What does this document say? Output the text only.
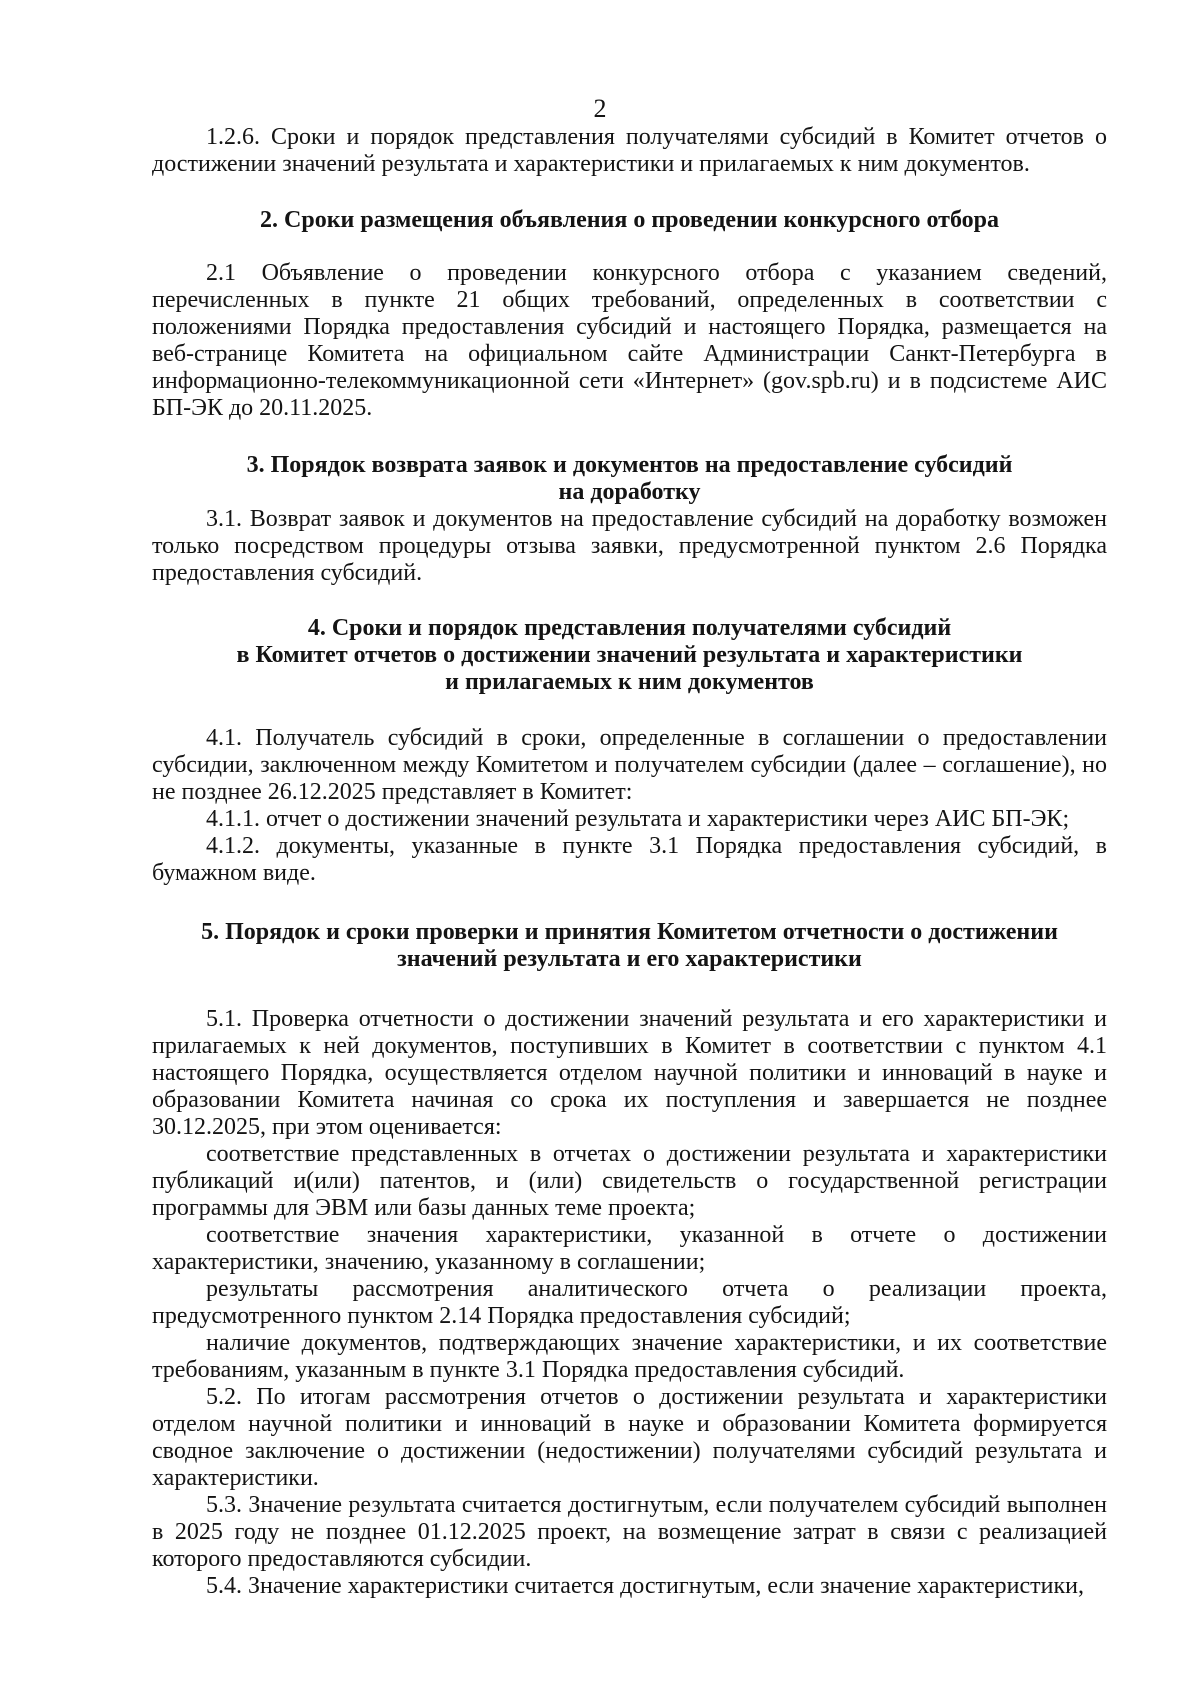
2

1.2.6. Сроки и порядок представления получателями субсидий в Комитет отчетов о достижении значений результата и характеристики и прилагаемых к ним документов.

2. Сроки размещения объявления о проведении конкурсного отбора

2.1 Объявление о проведении конкурсного отбора с указанием сведений, перечисленных в пункте 21 общих требований, определенных в соответствии с положениями Порядка предоставления субсидий и настоящего Порядка, размещается на веб-странице Комитета на официальном сайте Администрации Санкт-Петербурга в информационно-телекоммуникационной сети «Интернет» (gov.spb.ru) и в подсистеме АИС БП-ЭК до 20.11.2025.

3. Порядок возврата заявок и документов на предоставление субсидий
на доработку

3.1. Возврат заявок и документов на предоставление субсидий на доработку возможен только посредством процедуры отзыва заявки, предусмотренной пунктом 2.6 Порядка предоставления субсидий.

4. Сроки и порядок представления получателями субсидий
в Комитет отчетов о достижении значений результата и характеристики
и прилагаемых к ним документов

4.1. Получатель субсидий в сроки, определенные в соглашении о предоставлении субсидии, заключенном между Комитетом и получателем субсидии (далее – соглашение), но не позднее 26.12.2025 представляет в Комитет:

4.1.1. отчет о достижении значений результата и характеристики через АИС БП-ЭК;

4.1.2. документы, указанные в пункте 3.1 Порядка предоставления субсидий, в бумажном виде.

5. Порядок и сроки проверки и принятия Комитетом отчетности о достижении
значений результата и его характеристики

5.1. Проверка отчетности о достижении значений результата и его характеристики и прилагаемых к ней документов, поступивших в Комитет в соответствии с пунктом 4.1 настоящего Порядка, осуществляется отделом научной политики и инноваций в науке и образовании Комитета начиная со срока их поступления и завершается не позднее 30.12.2025, при этом оценивается:

соответствие представленных в отчетах о достижении результата и характеристики публикаций и(или) патентов, и (или) свидетельств о государственной регистрации программы для ЭВМ или базы данных теме проекта;

соответствие значения характеристики, указанной в отчете о достижении характеристики, значению, указанному в соглашении;

результаты рассмотрения аналитического отчета о реализации проекта, предусмотренного пунктом 2.14 Порядка предоставления субсидий;

наличие документов, подтверждающих значение характеристики, и их соответствие требованиям, указанным в пункте 3.1 Порядка предоставления субсидий.

5.2. По итогам рассмотрения отчетов о достижении результата и характеристики отделом научной политики и инноваций в науке и образовании Комитета формируется сводное заключение о достижении (недостижении) получателями субсидий результата и характеристики.

5.3. Значение результата считается достигнутым, если получателем субсидий выполнен в 2025 году не позднее 01.12.2025 проект, на возмещение затрат в связи с реализацией которого предоставляются субсидии.

5.4. Значение характеристики считается достигнутым, если значение характеристики,
